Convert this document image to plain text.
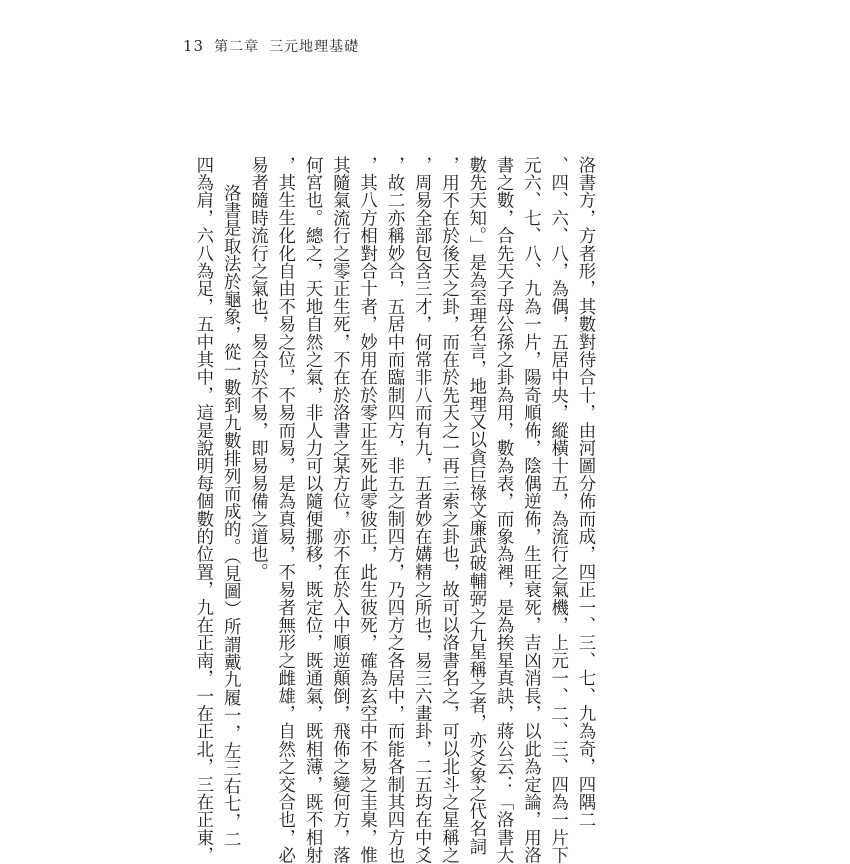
13 第二章 三元地理基礎
洛書方，方者形，其數對待合十，由河圖分佈而成，四正一、三、七、九為奇，四隅二
、四、六、八，為偶，五居中央，縱橫十五，為流行之氣機，上元一、二、三、四為一片下
元六、七、八、九為一片，陽奇順佈，陰偶逆佈，生旺衰死，吉凶消長，以此為定論，用洛
書之數，合先天子母公孫之卦為用，數為表，而象為裡，是為挨星真訣，蔣公云：「洛書大
數先天知。」是為至理名言，地理又以貪巨祿文廉武破輔弼之九星稱之者，亦爻象之代名詞
，用不在於後天之卦，而在於先天之一再三索之卦也，故可以洛書名之，可以北斗之星稱之
，周易全部包含三才，何常非八而有九，五者妙在媾精之所也，易三六畫卦，二五均在中爻
，故二亦稱妙合，五居中而臨制四方，非五之制四方，乃四方之各居中，而能各制其四方也
，其八方相對合十者，妙用在於零正生死此零彼正，此生彼死，確為玄空中不易之圭臬，惟
其隨氣流行之零正生死，不在於洛書之某方位，亦不在於入中順逆顛倒，飛佈之變何方，落
何宮也。總之，天地自然之氣，非人力可以隨便挪移，既定位，既通氣，既相薄，既不相射
，其生生化化自由不易之位，不易而易，是為真易，不易者無形之雌雄，自然之交合也，必
易者隨時流行之氣也，易合於不易，即易易備之道也。
洛書是取法於龜象，從一數到九數排列而成的。（見圖）所謂戴九履一，左三右七，二
四為肩，六八為足，五中其中，這是說明每個數的位置，九在正南，一在正北，三在正東，
